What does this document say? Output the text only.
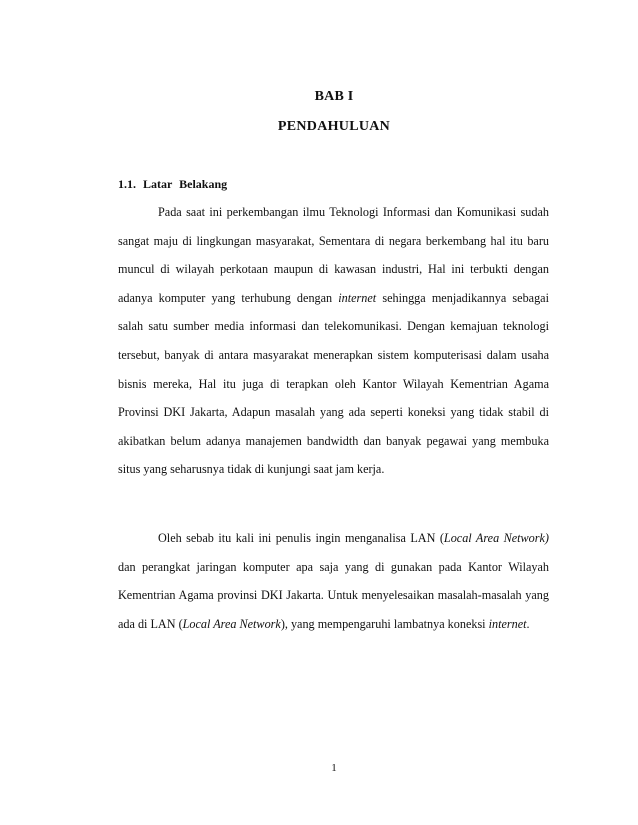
BAB I
PENDAHULUAN
1.1. Latar Belakang

Pada saat ini perkembangan ilmu Teknologi Informasi dan Komunikasi sudah sangat maju di lingkungan masyarakat, Sementara di negara berkembang hal itu baru muncul di wilayah perkotaan maupun di kawasan industri, Hal ini terbukti dengan adanya komputer yang terhubung dengan internet sehingga menjadikannya sebagai salah satu sumber media informasi dan telekomunikasi. Dengan kemajuan teknologi tersebut, banyak di antara masyarakat menerapkan sistem komputerisasi dalam usaha bisnis mereka, Hal itu juga di terapkan oleh Kantor Wilayah Kementrian Agama Provinsi DKI Jakarta, Adapun masalah yang ada seperti koneksi yang tidak stabil di akibatkan belum adanya manajemen bandwidth dan banyak pegawai yang membuka situs yang seharusnya tidak di kunjungi saat jam kerja.

Oleh sebab itu kali ini penulis ingin menganalisa LAN (Local Area Network) dan perangkat jaringan komputer apa saja yang di gunakan pada Kantor Wilayah Kementrian Agama provinsi DKI Jakarta. Untuk menyelesaikan masalah-masalah yang ada di LAN (Local Area Network), yang mempengaruhi lambatnya koneksi internet.

1
